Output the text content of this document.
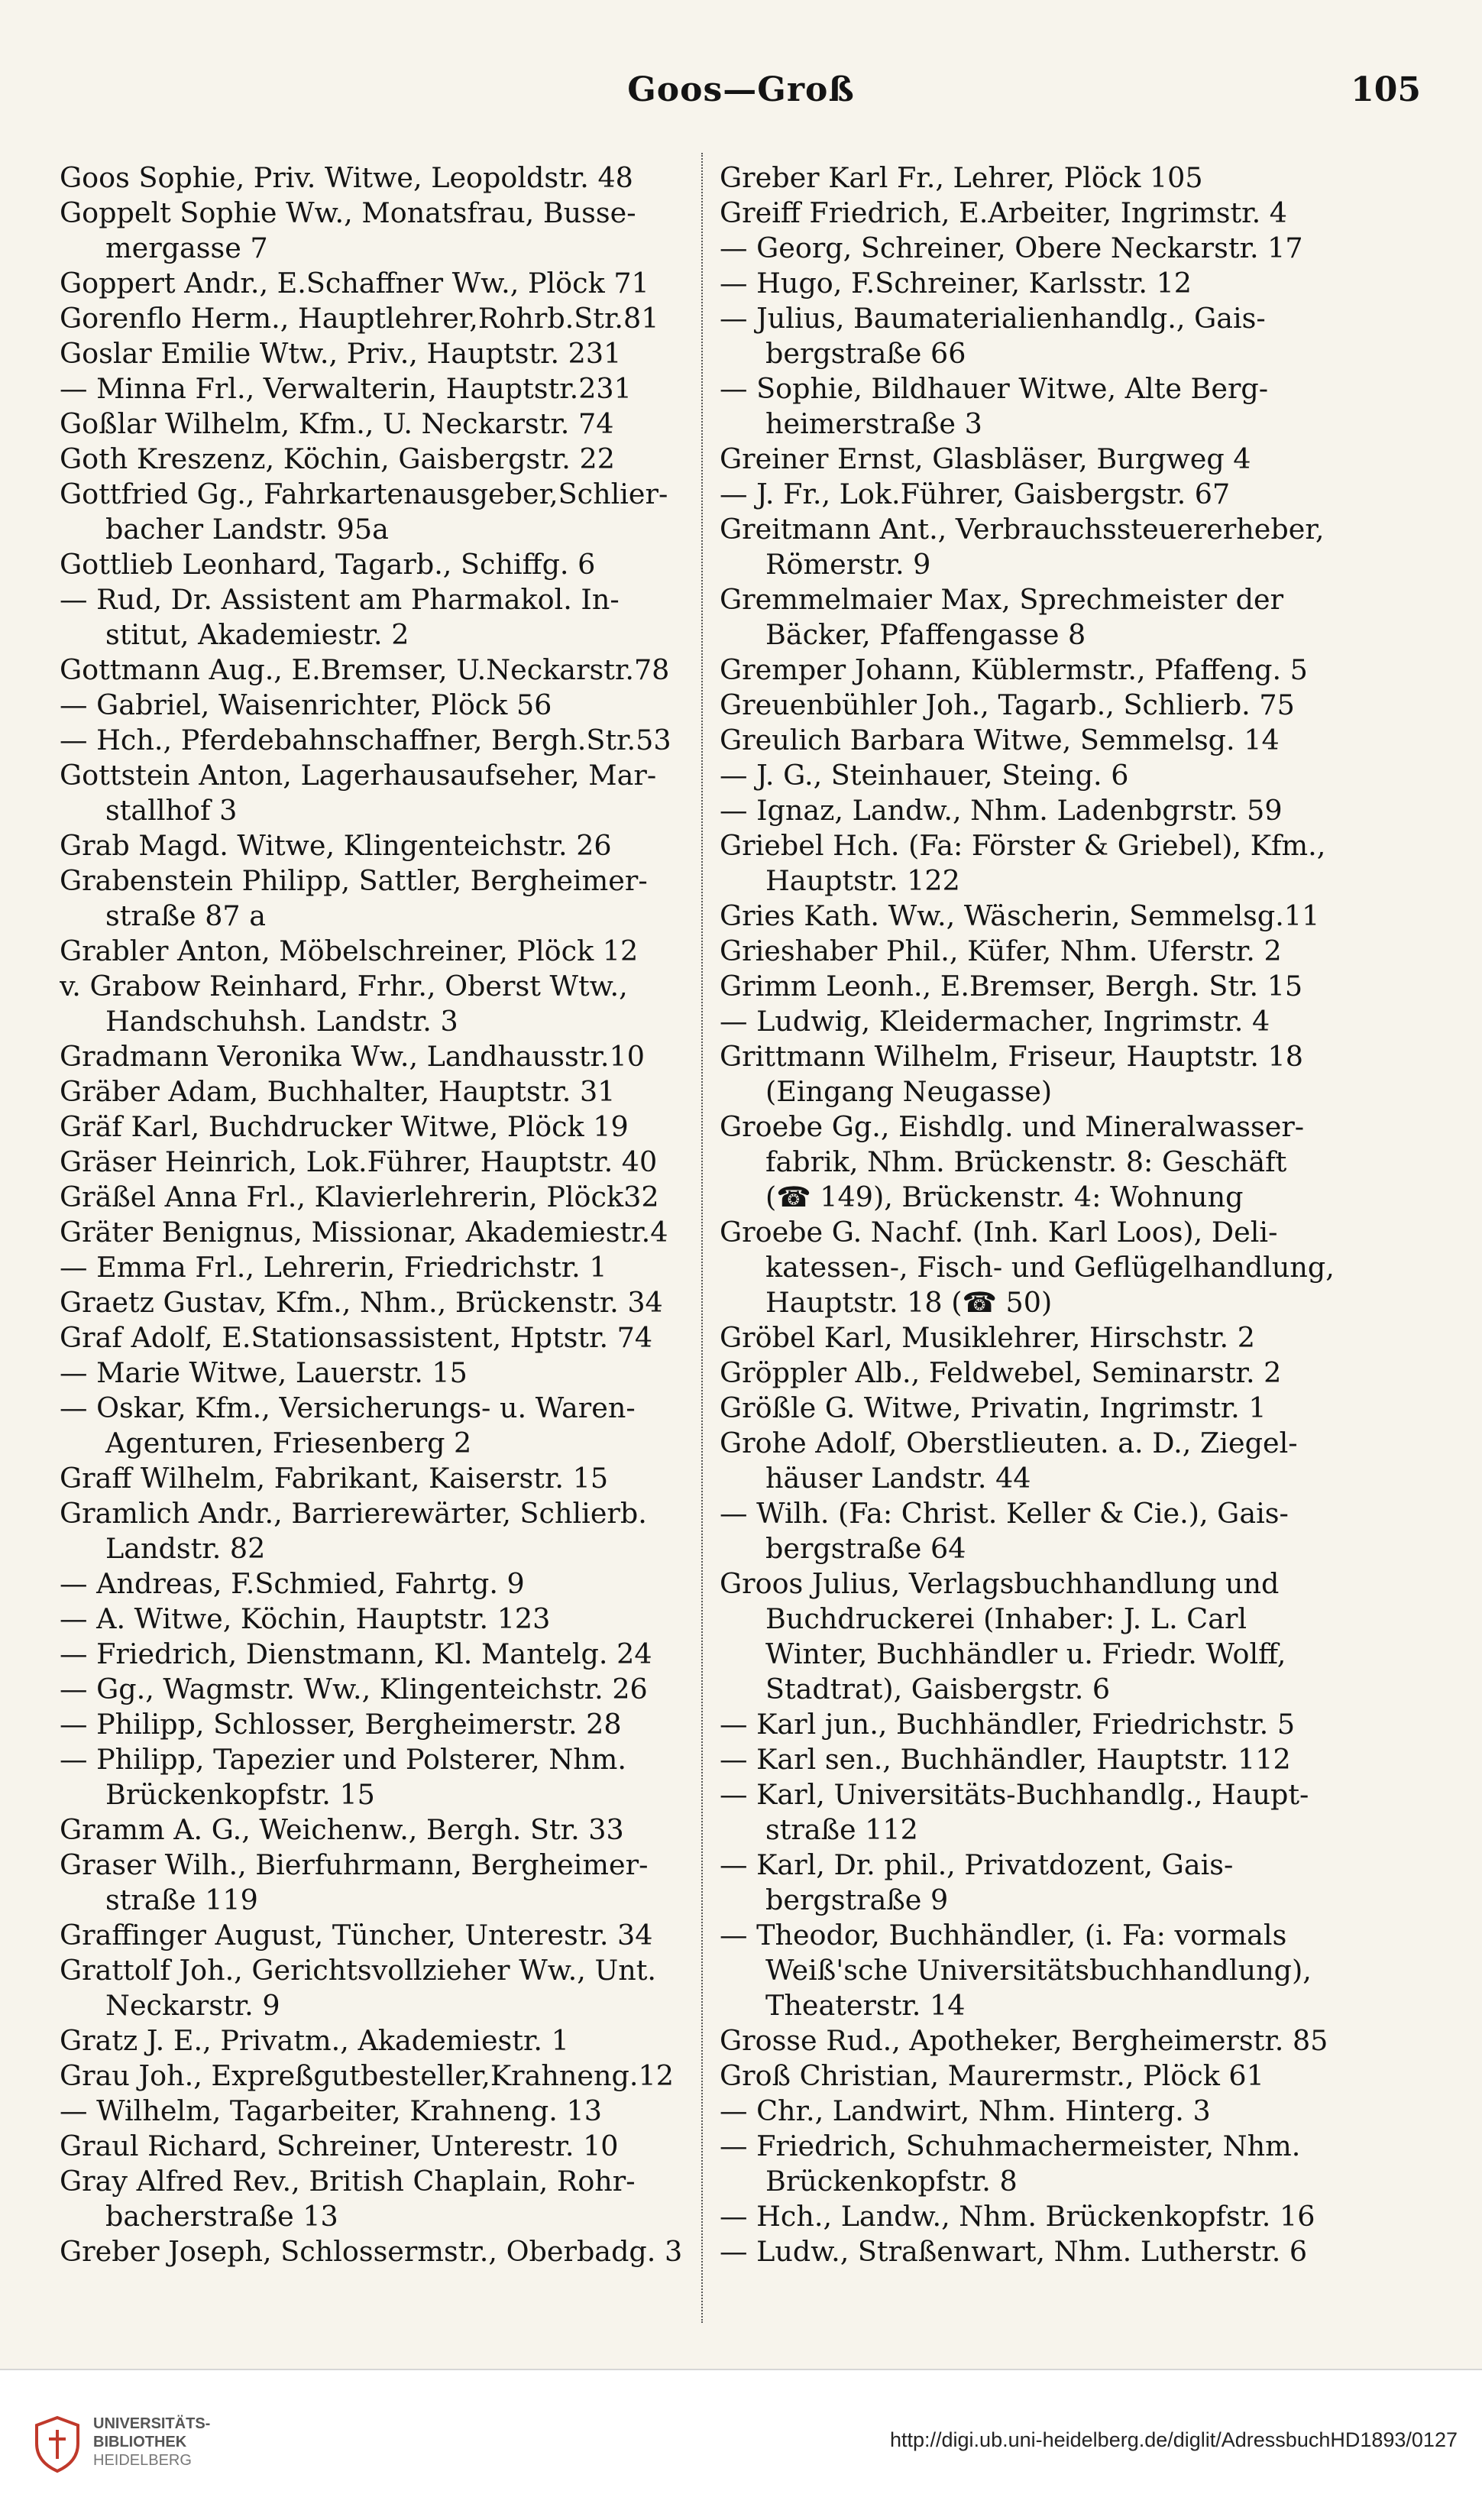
Goos—Groß	105
Goos Sophie, Priv. Witwe, Leopoldstr. 48
Goppelt Sophie Ww., Monatsfrau, Busse-
mergasse 7
Goppert Andr., E.Schaffner Ww., Plöck 71
Gorenflo Herm., Hauptlehrer,Rohrb.Str.81
Goslar Emilie Wtw., Priv., Hauptstr. 231
— Minna Frl., Verwalterin, Hauptstr.231
Goßlar Wilhelm, Kfm., U. Neckarstr. 74
Goth Kreszenz, Köchin, Gaisbergstr. 22
Gottfried Gg., Fahrkartenausgeber,Schlier-
bacher Landstr. 95a
Gottlieb Leonhard, Tagarb., Schiffg. 6
— Rud, Dr. Assistent am Pharmakol. In-
stitut, Akademiestr. 2
Gottmann Aug., E.Bremser, U.Neckarstr.78
— Gabriel, Waisenrichter, Plöck 56
— Hch., Pferdebahnschaffner, Bergh.Str.53
Gottstein Anton, Lagerhausaufseher, Mar-
stallhof 3
Grab Magd. Witwe, Klingenteichstr. 26
Grabenstein Philipp, Sattler, Bergheimer-
straße 87 a
Grabler Anton, Möbelschreiner, Plöck 12
v. Grabow Reinhard, Frhr., Oberst Wtw.,
Handschuhsh. Landstr. 3
Gradmann Veronika Ww., Landhausstr.10
Gräber Adam, Buchhalter, Hauptstr. 31
Gräf Karl, Buchdrucker Witwe, Plöck 19
Gräser Heinrich, Lok.Führer, Hauptstr. 40
Gräßel Anna Frl., Klavierlehrerin, Plöck32
Gräter Benignus, Missionar, Akademiestr.4
— Emma Frl., Lehrerin, Friedrichstr. 1
Graetz Gustav, Kfm., Nhm., Brückenstr. 34
Graf Adolf, E.Stationsassistent, Hptstr. 74
— Marie Witwe, Lauerstr. 15
— Oskar, Kfm., Versicherungs- u. Waren-
Agenturen, Friesenberg 2
Graff Wilhelm, Fabrikant, Kaiserstr. 15
Gramlich Andr., Barrierewärter, Schlierb.
Landstr. 82
— Andreas, F.Schmied, Fahrtg. 9
— A. Witwe, Köchin, Hauptstr. 123
— Friedrich, Dienstmann, Kl. Mantelg. 24
— Gg., Wagmstr. Ww., Klingenteichstr. 26
— Philipp, Schlosser, Bergheimerstr. 28
— Philipp, Tapezier und Polsterer, Nhm.
Brückenkopfstr. 15
Gramm A. G., Weichenw., Bergh. Str. 33
Graser Wilh., Bierfuhrmann, Bergheimer-
straße 119
Graffinger August, Tüncher, Unterestr. 34
Grattolf Joh., Gerichtsvollzieher Ww., Unt.
Neckarstr. 9
Gratz J. E., Privatm., Akademiestr. 1
Grau Joh., Expreßgutbesteller,Krahneng.12
— Wilhelm, Tagarbeiter, Krahneng. 13
Graul Richard, Schreiner, Unterestr. 10
Gray Alfred Rev., British Chaplain, Rohr-
bacherstraße 13
Greber Joseph, Schlossermstr., Oberbadg. 3
Greber Karl Fr., Lehrer, Plöck 105
Greiff Friedrich, E.Arbeiter, Ingrimstr. 4
— Georg, Schreiner, Obere Neckarstr. 17
— Hugo, F.Schreiner, Karlsstr. 12
— Julius, Baumaterialienhandlg., Gais-
bergstraße 66
— Sophie, Bildhauer Witwe, Alte Berg-
heimerstraße 3
Greiner Ernst, Glasbläser, Burgweg 4
— J. Fr., Lok.Führer, Gaisbergstr. 67
Greitmann Ant., Verbrauchssteuererheber,
Römerstr. 9
Gremmelmaier Max, Sprechmeister der
Bäcker, Pfaffengasse 8
Gremper Johann, Küblermstr., Pfaffeng. 5
Greuenbühler Joh., Tagarb., Schlierb. 75
Greulich Barbara Witwe, Semmelsg. 14
— J. G., Steinhauer, Steing. 6
— Ignaz, Landw., Nhm. Ladenbgrstr. 59
Griebel Hch. (Fa: Förster & Griebel), Kfm.,
Hauptstr. 122
Gries Kath. Ww., Wäscherin, Semmelsg.11
Grieshaber Phil., Küfer, Nhm. Uferstr. 2
Grimm Leonh., E.Bremser, Bergh. Str. 15
— Ludwig, Kleidermacher, Ingrimstr. 4
Grittmann Wilhelm, Friseur, Hauptstr. 18
(Eingang Neugasse)
Groebe Gg., Eishdlg. und Mineralwasser-
fabrik, Nhm. Brückenstr. 8: Geschäft
(☎ 149), Brückenstr. 4: Wohnung
Groebe G. Nachf. (Inh. Karl Loos), Deli-
katessen-, Fisch- und Geflügelhandlung,
Hauptstr. 18 (☎ 50)
Gröbel Karl, Musiklehrer, Hirschstr. 2
Gröppler Alb., Feldwebel, Seminarstr. 2
Größle G. Witwe, Privatin, Ingrimstr. 1
Grohe Adolf, Oberstlieuten. a. D., Ziegel-
häuser Landstr. 44
— Wilh. (Fa: Christ. Keller & Cie.), Gais-
bergstraße 64
Groos Julius, Verlagsbuchhandlung und
Buchdruckerei (Inhaber: J. L. Carl
Winter, Buchhändler u. Friedr. Wolff,
Stadtrat), Gaisbergstr. 6
— Karl jun., Buchhändler, Friedrichstr. 5
— Karl sen., Buchhändler, Hauptstr. 112
— Karl, Universitäts-Buchhandlg., Haupt-
straße 112
— Karl, Dr. phil., Privatdozent, Gais-
bergstraße 9
— Theodor, Buchhändler, (i. Fa: vormals
Weiß'sche Universitätsbuchhandlung),
Theaterstr. 14
Grosse Rud., Apotheker, Bergheimerstr. 85
Groß Christian, Maurermstr., Plöck 61
— Chr., Landwirt, Nhm. Hinterg. 3
— Friedrich, Schuhmachermeister, Nhm.
Brückenkopfstr. 8
— Hch., Landw., Nhm. Brückenkopfstr. 16
— Ludw., Straßenwart, Nhm. Lutherstr. 6
UNIVERSITÄTS-
BIBLIOTHEK
HEIDELBERG
http://digi.ub.uni-heidelberg.de/diglit/AdressbuchHD1893/0127
